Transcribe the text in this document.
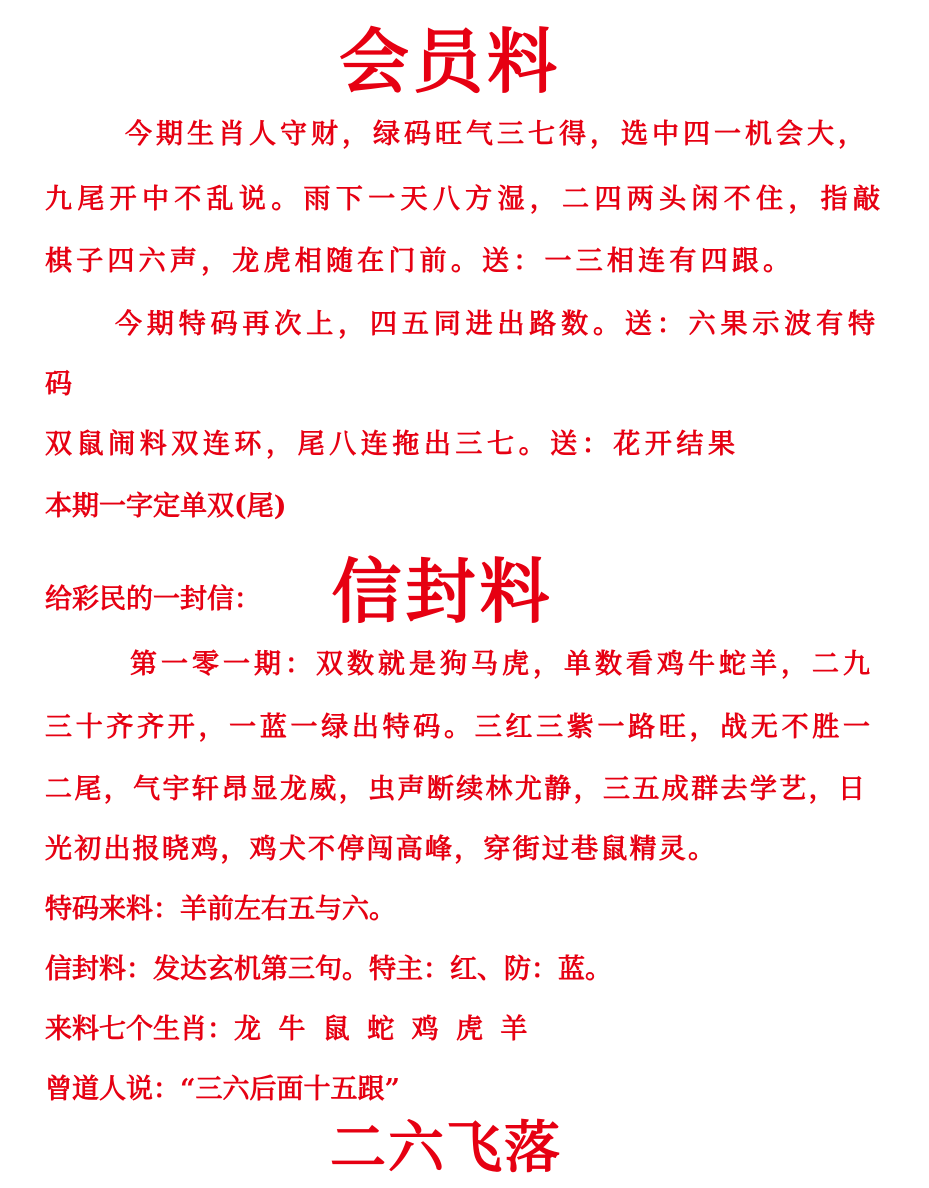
会员料
今期生肖人守财，绿码旺气三七得，选中四一机会大，
九尾开中不乱说。雨下一天八方湿，二四两头闲不住，指敲
棋子四六声，龙虎相随在门前。送：一三相连有四跟。
今期特码再次上，四五同进出路数。送：六果示波有特
码
双鼠闹料双连环，尾八连拖出三七。送：花开结果
本期一字定单双(尾)
给彩民的一封信： 信封料
第一零一期：双数就是狗马虎，单数看鸡牛蛇羊，二九
三十齐齐开，一蓝一绿出特码。三红三紫一路旺，战无不胜一
二尾，气宇轩昂显龙威，虫声断续林尤静，三五成群去学艺，日
光初出报晓鸡，鸡犬不停闯高峰，穿街过巷鼠精灵。
特码来料：羊前左右五与六。
信封料：发达玄机第三句。特主：红、防：蓝。
来料七个生肖：龙 牛 鼠 蛇 鸡 虎 羊
曾道人说：“三六后面十五跟”
二六飞落
